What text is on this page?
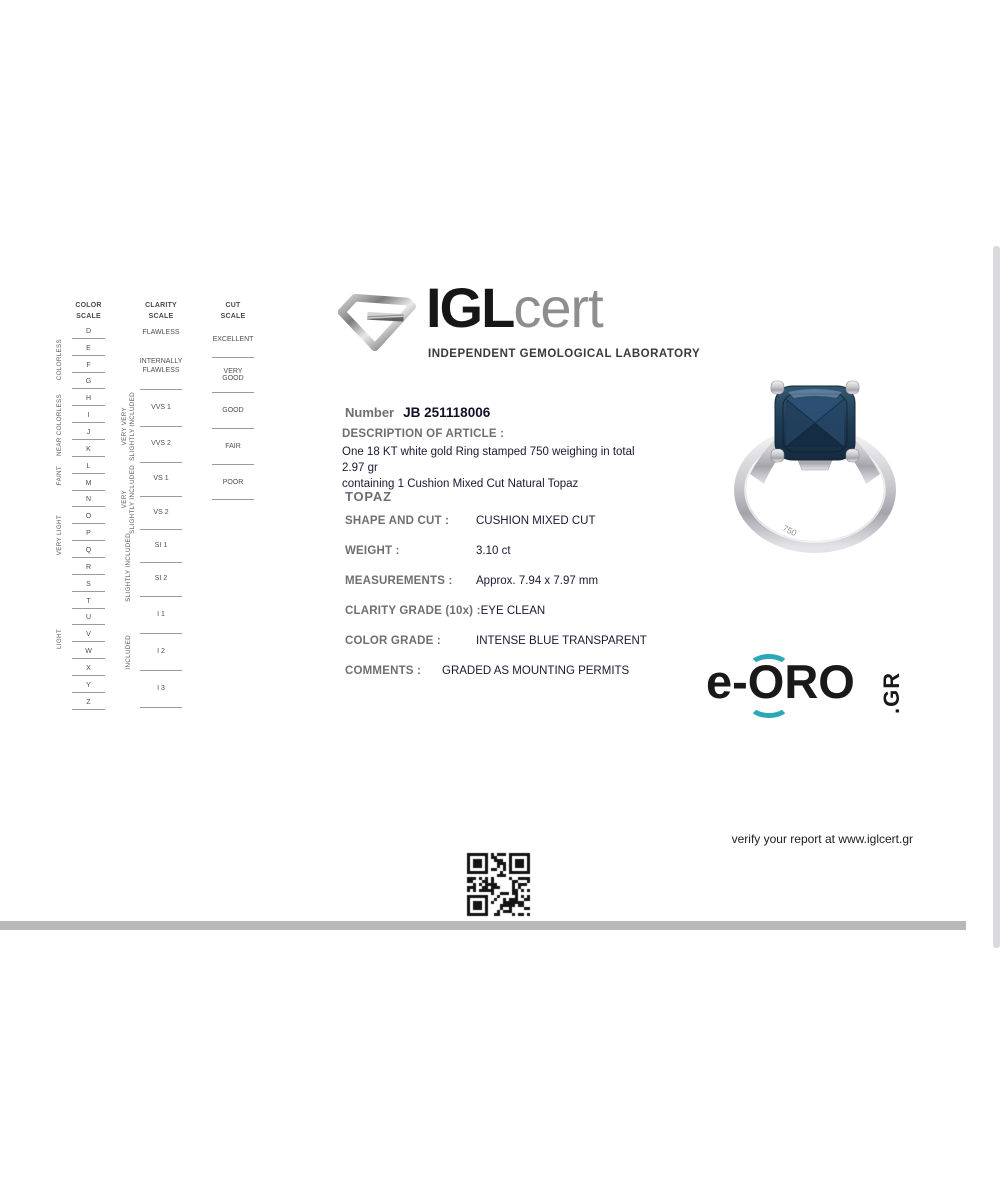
COLOR SCALE
CLARITY SCALE
CUT SCALE
D
E
F
G
H
I
J
K
L
M
N
O
P
Q
R
S
T
U
V
W
X
Y
Z
FLAWLESS
INTERNALLY FLAWLESS
VVS 1
VVS 2
VS 1
VS 2
SI 1
SI 2
I 1
I 2
I 3
EXCELLENT
VERY GOOD
GOOD
FAIR
POOR
COLORLESS
NEAR COLORLESS
FAINT
VERY LIGHT
LIGHT
VERY VERY SLIGHTLY INCLUDED
VERY SLIGHTLY INCLUDED
SLIGHTLY INCLUDED
INCLUDED
IGLcert
INDEPENDENT GEMOLOGICAL LABORATORY
Number JB 251118006
DESCRIPTION OF ARTICLE :
One 18 KT white gold Ring stamped 750 weighing in total 2.97 gr
containing 1 Cushion Mixed Cut Natural Topaz
TOPAZ
SHAPE AND CUT : CUSHION MIXED CUT
WEIGHT :	3.10 ct
MEASUREMENTS : Approx. 7.94 x 7.97 mm
CLARITY GRADE (10x) :EYE CLEAN
COLOR GRADE :	INTENSE BLUE TRANSPARENT
COMMENTS : GRADED AS MOUNTING PERMITS
750
e-ORO .GR
verify your report at www.iglcert.gr
